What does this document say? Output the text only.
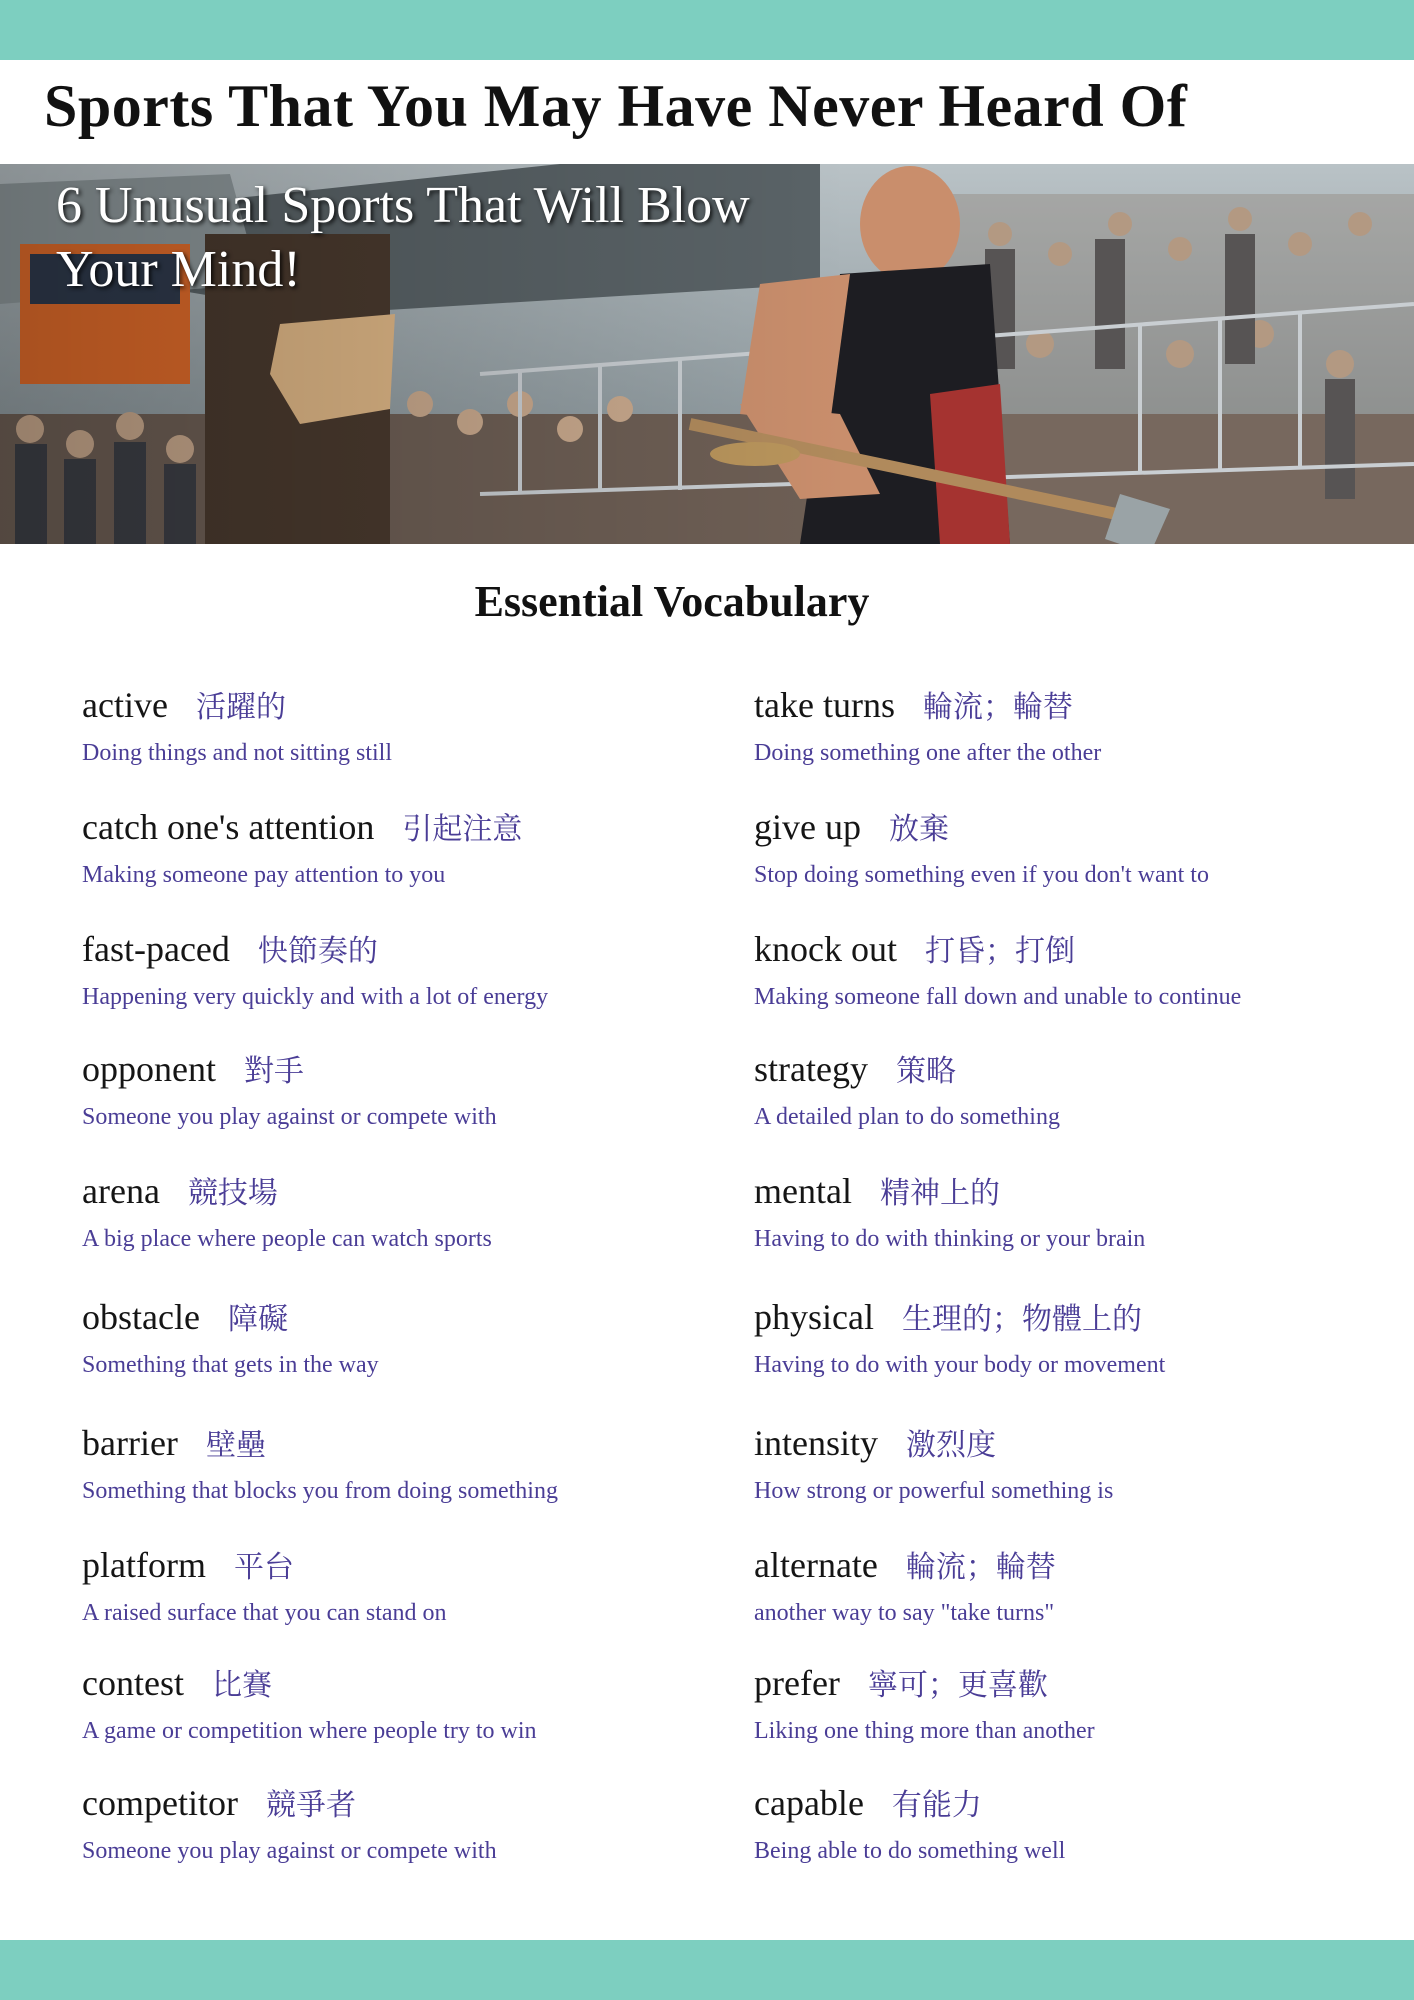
Sports That You May Have Never Heard Of
6 Unusual Sports That Will Blow Your Mind!
Essential Vocabulary
active 活躍的
Doing things and not sitting still
catch one's attention 引起注意
Making someone pay attention to you
fast-paced 快節奏的
Happening very quickly and with a lot of energy
opponent 對手
Someone you play against or compete with
arena 競技場
A big place where people can watch sports
obstacle 障礙
Something that gets in the way
barrier 壁壘
Something that blocks you from doing something
platform 平台
A raised surface that you can stand on
contest 比賽
A game or competition where people try to win
competitor 競爭者
Someone you play against or compete with
take turns 輪流；輪替
Doing something one after the other
give up 放棄
Stop doing something even if you don't want to
knock out 打昏；打倒
Making someone fall down and unable to continue
strategy 策略
A detailed plan to do something
mental 精神上的
Having to do with thinking or your brain
physical 生理的；物體上的
Having to do with your body or movement
intensity 激烈度
How strong or powerful something is
alternate 輪流；輪替
another way to say "take turns"
prefer 寧可；更喜歡
Liking one thing more than another
capable 有能力
Being able to do something well
